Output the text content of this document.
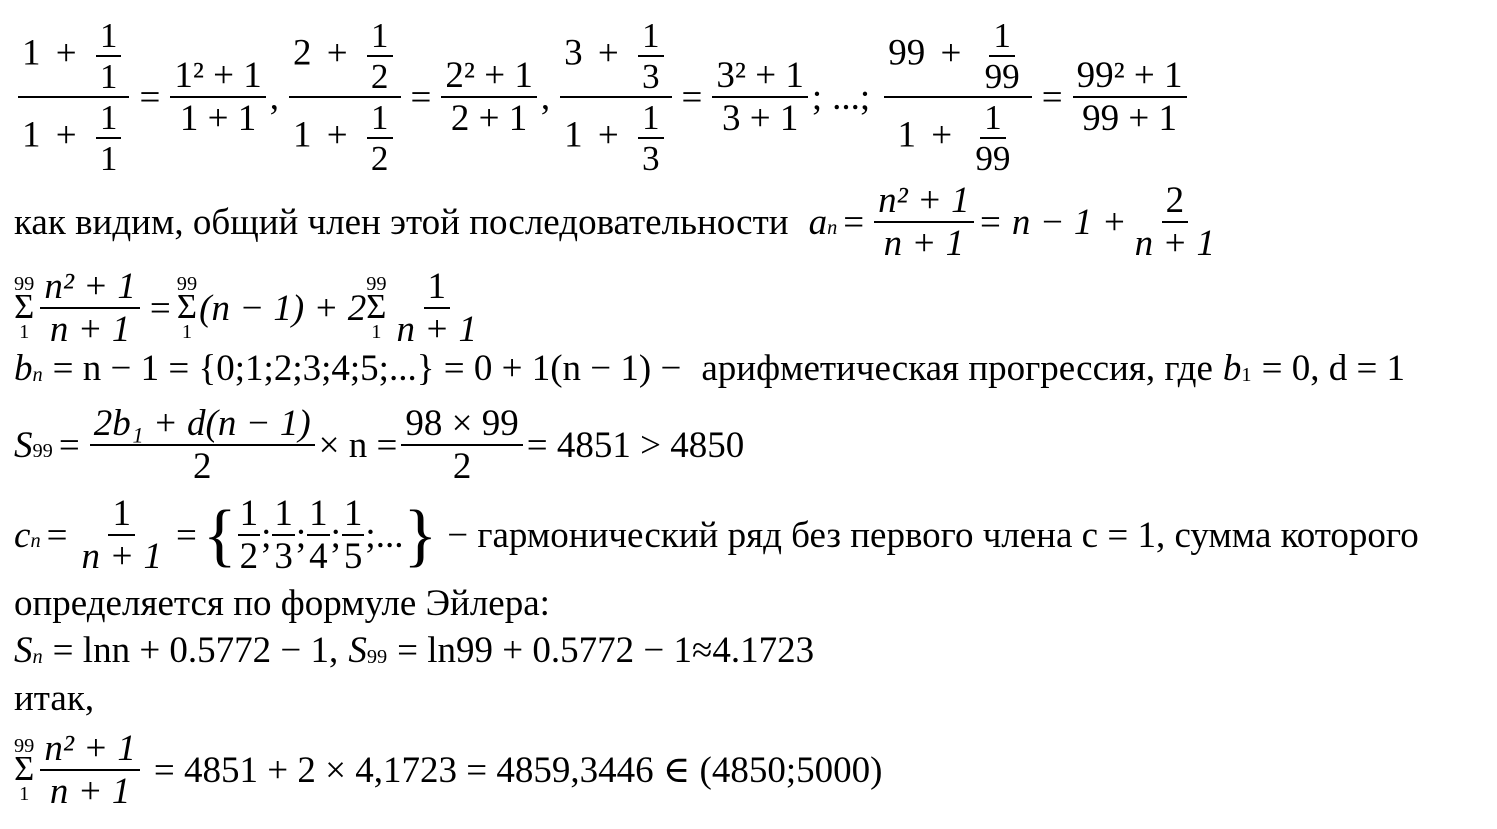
$\frac{1 + \frac{1}{1}}{1 + \frac{1}{1}} = \frac{\text{1² + 1}}{1 + 1}$ , $\frac{2 + \frac{1}{2}}{1 + \frac{1}{2}} = \frac{\text{2² + 1}}{2 + 1}$ , $\frac{3 + \frac{1}{3}}{1 + \frac{1}{3}} = \frac{\text{3² + 1}}{3 + 1}$ ; ...; $\frac{99 + \frac{1}{99}}{1 + \frac{1}{99}} = \frac{\text{99² + 1}}{99 + 1}$
как видим, общий член этой последовательности a $n = \frac{\text{n² + 1}}{n + 1} = n - 1 + \frac{2}{n + 1}$
99
Σ
$1 \frac{\text{n² + 1}}{n + 1}$ =
99
Σ
1
(n − 1) + 2
99
Σ
$1 \frac{1}{n + 1}$
b n = n − 1 = {0;1;2;3;4;5;...} = 0 + 1(n − 1) − арифметическая прогрессия, где b 1 = 0, d = 1
S $99 = \frac{\text{2b₁ + d(n − 1)}}{2} \times n = \frac{98 \times 99}{2} = 4851 > 4850$
c $n = \frac{1}{n + 1}$ = { $\frac{1}{2}$ ; $\frac{1}{3}$ ; $\frac{1}{4}$ ; $\frac{1}{5}$ ; ... } − гармонический ряд без первого члена c = 1, сумма которого
определяется по формуле Эйлера:
S n = lnn + 0.5772 − 1, S 99 = ln99 + 0.5772 − 1≈4.1723
итак,
99
Σ
$1 \frac{\text{n² + 1}}{n + 1} = 4851 + 2 \times 4,1723 = 4859,3446$ ∈ (4850;5000)
